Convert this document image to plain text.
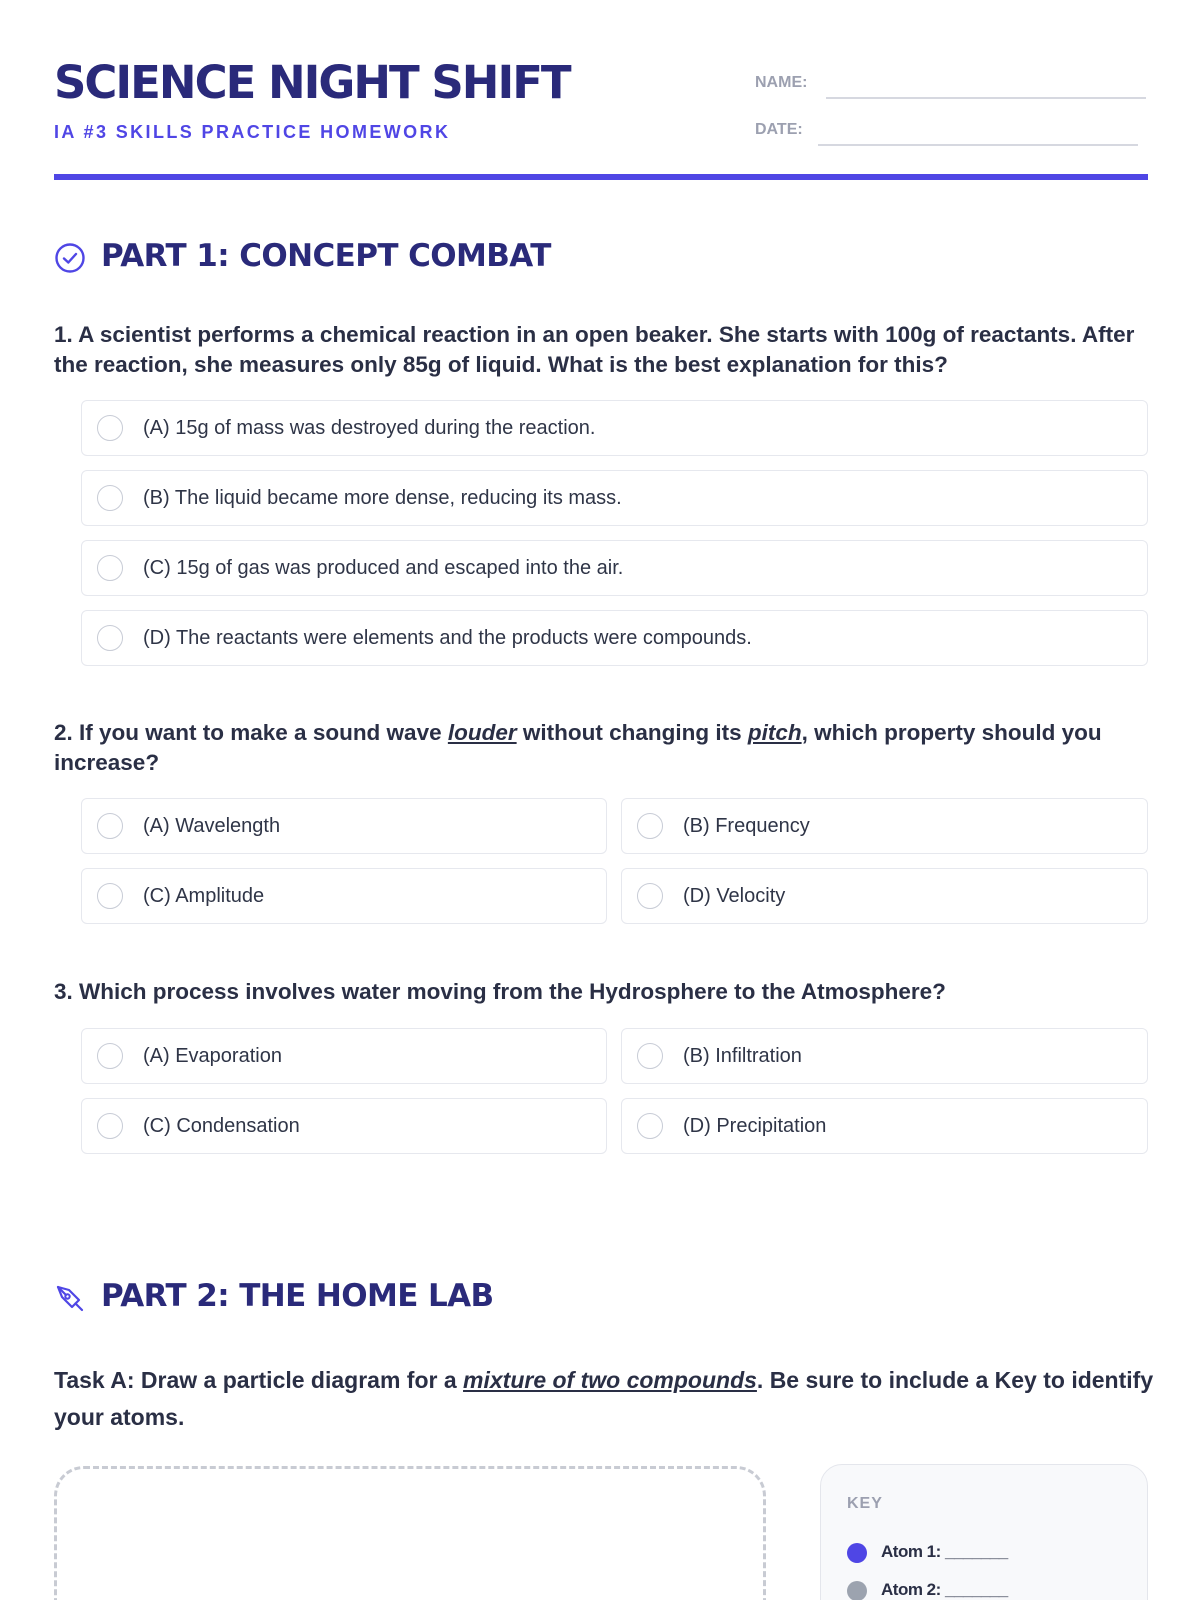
SCIENCE NIGHT SHIFT
IA #3 SKILLS PRACTICE HOMEWORK
NAME:
DATE:
PART 1: CONCEPT COMBAT
1. A scientist performs a chemical reaction in an open beaker. She starts with 100g of reactants. After the reaction, she measures only 85g of liquid. What is the best explanation for this?
(A) 15g of mass was destroyed during the reaction.
(B) The liquid became more dense, reducing its mass.
(C) 15g of gas was produced and escaped into the air.
(D) The reactants were elements and the products were compounds.
2. If you want to make a sound wave louder without changing its pitch, which property should you increase?
(A) Wavelength	(B) Frequency
(C) Amplitude	(D) Velocity
3. Which process involves water moving from the Hydrosphere to the Atmosphere?
(A) Evaporation	(B) Infiltration
(C) Condensation	(D) Precipitation
PART 2: THE HOME LAB
Task A: Draw a particle diagram for a mixture of two compounds. Be sure to include a Key to identify your atoms.
KEY
Atom 1: _______
Atom 2: _______
